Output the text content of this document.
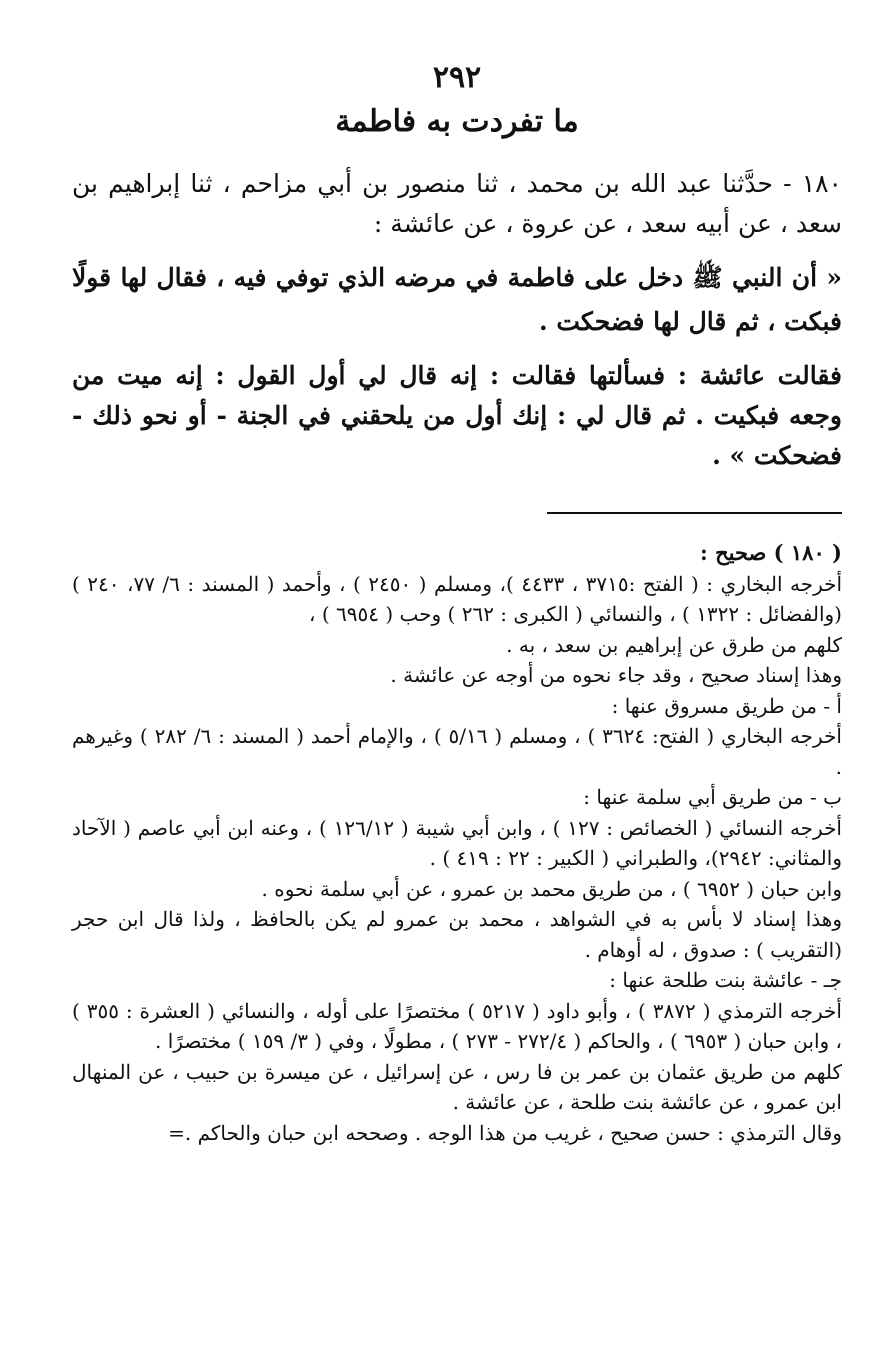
٢٩٢
ما تفردت به فاطمة

١٨٠ - حدَّثنا عبد الله بن محمد ، ثنا منصور بن أبي مزاحم ، ثنا إبراهيم بن سعد ، عن أبيه سعد ، عن عروة ، عن عائشة :

« أن النبي ﷺ دخل على فاطمة في مرضه الذي توفي فيه ، فقال لها قولًا فبكت ، ثم قال لها فضحكت .

فقالت عائشة : فسألتها فقالت : إنه قال لي أول القول : إنه ميت من وجعه فبكيت . ثم قال لي : إنك أول من يلحقني في الجنة - أو نحو ذلك - فضحكت » .

( ١٨٠ ) صحيح :

أخرجه البخاري : ( الفتح :٣٧١٥ ، ٤٤٣٣ )، ومسلم ( ٢٤٥٠ ) ، وأحمد ( المسند : ٦/ ٧٧، ٢٤٠ ) (والفضائل : ١٣٢٢ ) ، والنسائي ( الكبرى : ٢٦٢ ) وحب ( ٦٩٥٤ ) ،

كلهم من طرق عن إبراهيم بن سعد ، به .

وهذا إسناد صحيح ، وقد جاء نحوه من أوجه عن عائشة .

أ - من طريق مسروق عنها :

أخرجه البخاري ( الفتح: ٣٦٢٤ ) ، ومسلم ( ٥/١٦ ) ، والإمام أحمد ( المسند : ٦/ ٢٨٢ ) وغيرهم .

ب - من طريق أبي سلمة عنها :

أخرجه النسائي ( الخصائص : ١٢٧ ) ، وابن أبي شيبة ( ١٢٦/١٢ ) ، وعنه ابن أبي عاصم ( الآحاد والمثاني: ٢٩٤٢)، والطبراني ( الكبير : ٢٢ : ٤١٩ ) .

وابن حبان ( ٦٩٥٢ ) ، من طريق محمد بن عمرو ، عن أبي سلمة نحوه .

وهذا إسناد لا بأس به في الشواهد ، محمد بن عمرو لم يكن بالحافظ ، ولذا قال ابن حجر (التقريب ) : صدوق ، له أوهام .

جـ - عائشة بنت طلحة عنها :

أخرجه الترمذي ( ٣٨٧٢ ) ، وأبو داود ( ٥٢١٧ ) مختصرًا على أوله ، والنسائي ( العشرة : ٣٥٥ ) ، وابن حبان ( ٦٩٥٣ ) ، والحاكم ( ٢٧٢/٤ - ٢٧٣ ) ، مطولًا ، وفي ( ٣/ ١٥٩ ) مختصرًا .

كلهم من طريق عثمان بن عمر بن فا رس ، عن إسرائيل ، عن ميسرة بن حبيب ، عن المنهال ابن عمرو ، عن عائشة بنت طلحة ، عن عائشة .

وقال الترمذي : حسن صحيح ، غريب من هذا الوجه . وصححه ابن حبان والحاكم .=
